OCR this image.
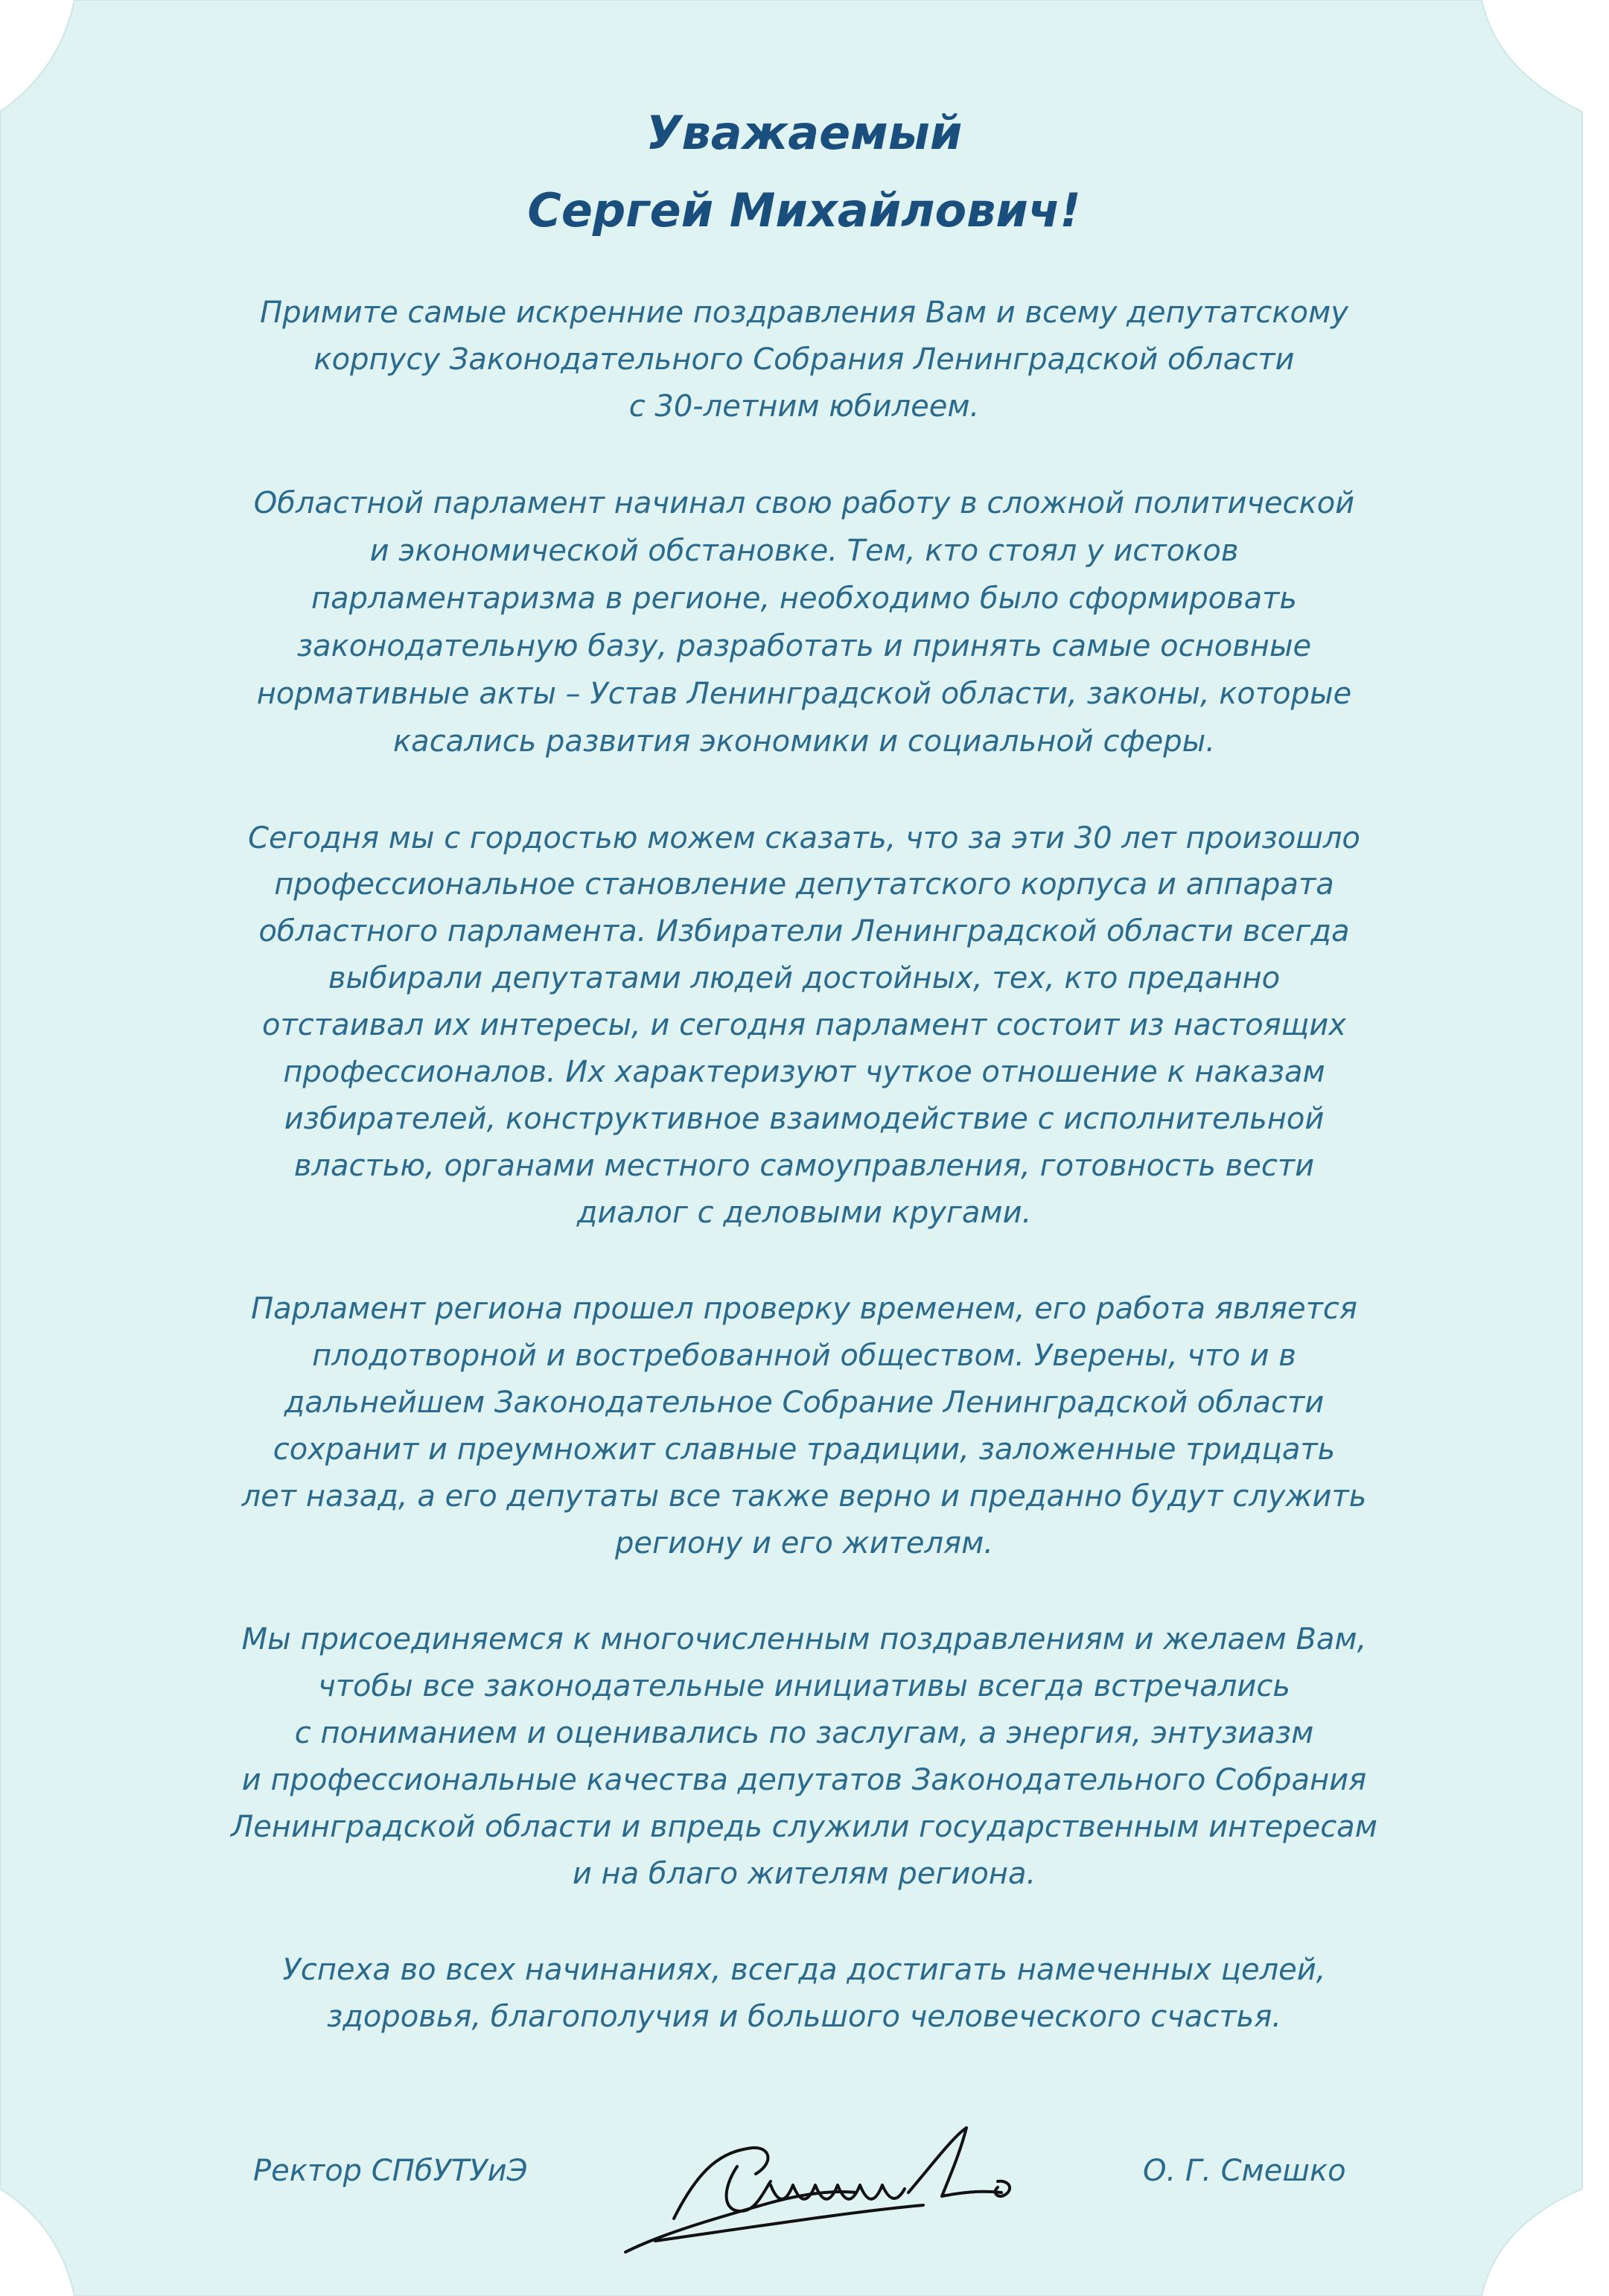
Уважаемый
Сергей Михайлович!
Примите самые искренние поздравления Вам и всему депутатскому
корпусу Законодательного Собрания Ленинградской области
с 30-летним юбилеем.
Областной парламент начинал свою работу в сложной политической
и экономической обстановке. Тем, кто стоял у истоков
парламентаризма в регионе, необходимо было сформировать
законодательную базу, разработать и принять самые основные
нормативные акты – Устав Ленинградской области, законы, которые
касались развития экономики и социальной сферы.
Сегодня мы с гордостью можем сказать, что за эти 30 лет произошло
профессиональное становление депутатского корпуса и аппарата
областного парламента. Избиратели Ленинградской области всегда
выбирали депутатами людей достойных, тех, кто преданно
отстаивал их интересы, и сегодня парламент состоит из настоящих
профессионалов. Их характеризуют чуткое отношение к наказам
избирателей, конструктивное взаимодействие с исполнительной
властью, органами местного самоуправления, готовность вести
диалог с деловыми кругами.
Парламент региона прошел проверку временем, его работа является
плодотворной и востребованной обществом. Уверены, что и в
дальнейшем Законодательное Собрание Ленинградской области
сохранит и преумножит славные традиции, заложенные тридцать
лет назад, а его депутаты все также верно и преданно будут служить
региону и его жителям.
Мы присоединяемся к многочисленным поздравлениям и желаем Вам,
чтобы все законодательные инициативы всегда встречались
с пониманием и оценивались по заслугам, а энергия, энтузиазм
и профессиональные качества депутатов Законодательного Собрания
Ленинградской области и впредь служили государственным интересам
и на благо жителям региона.
Успеха во всех начинаниях, всегда достигать намеченных целей,
здоровья, благополучия и большого человеческого счастья.
Ректор СПбУТУиЭ	О. Г. Смешко
